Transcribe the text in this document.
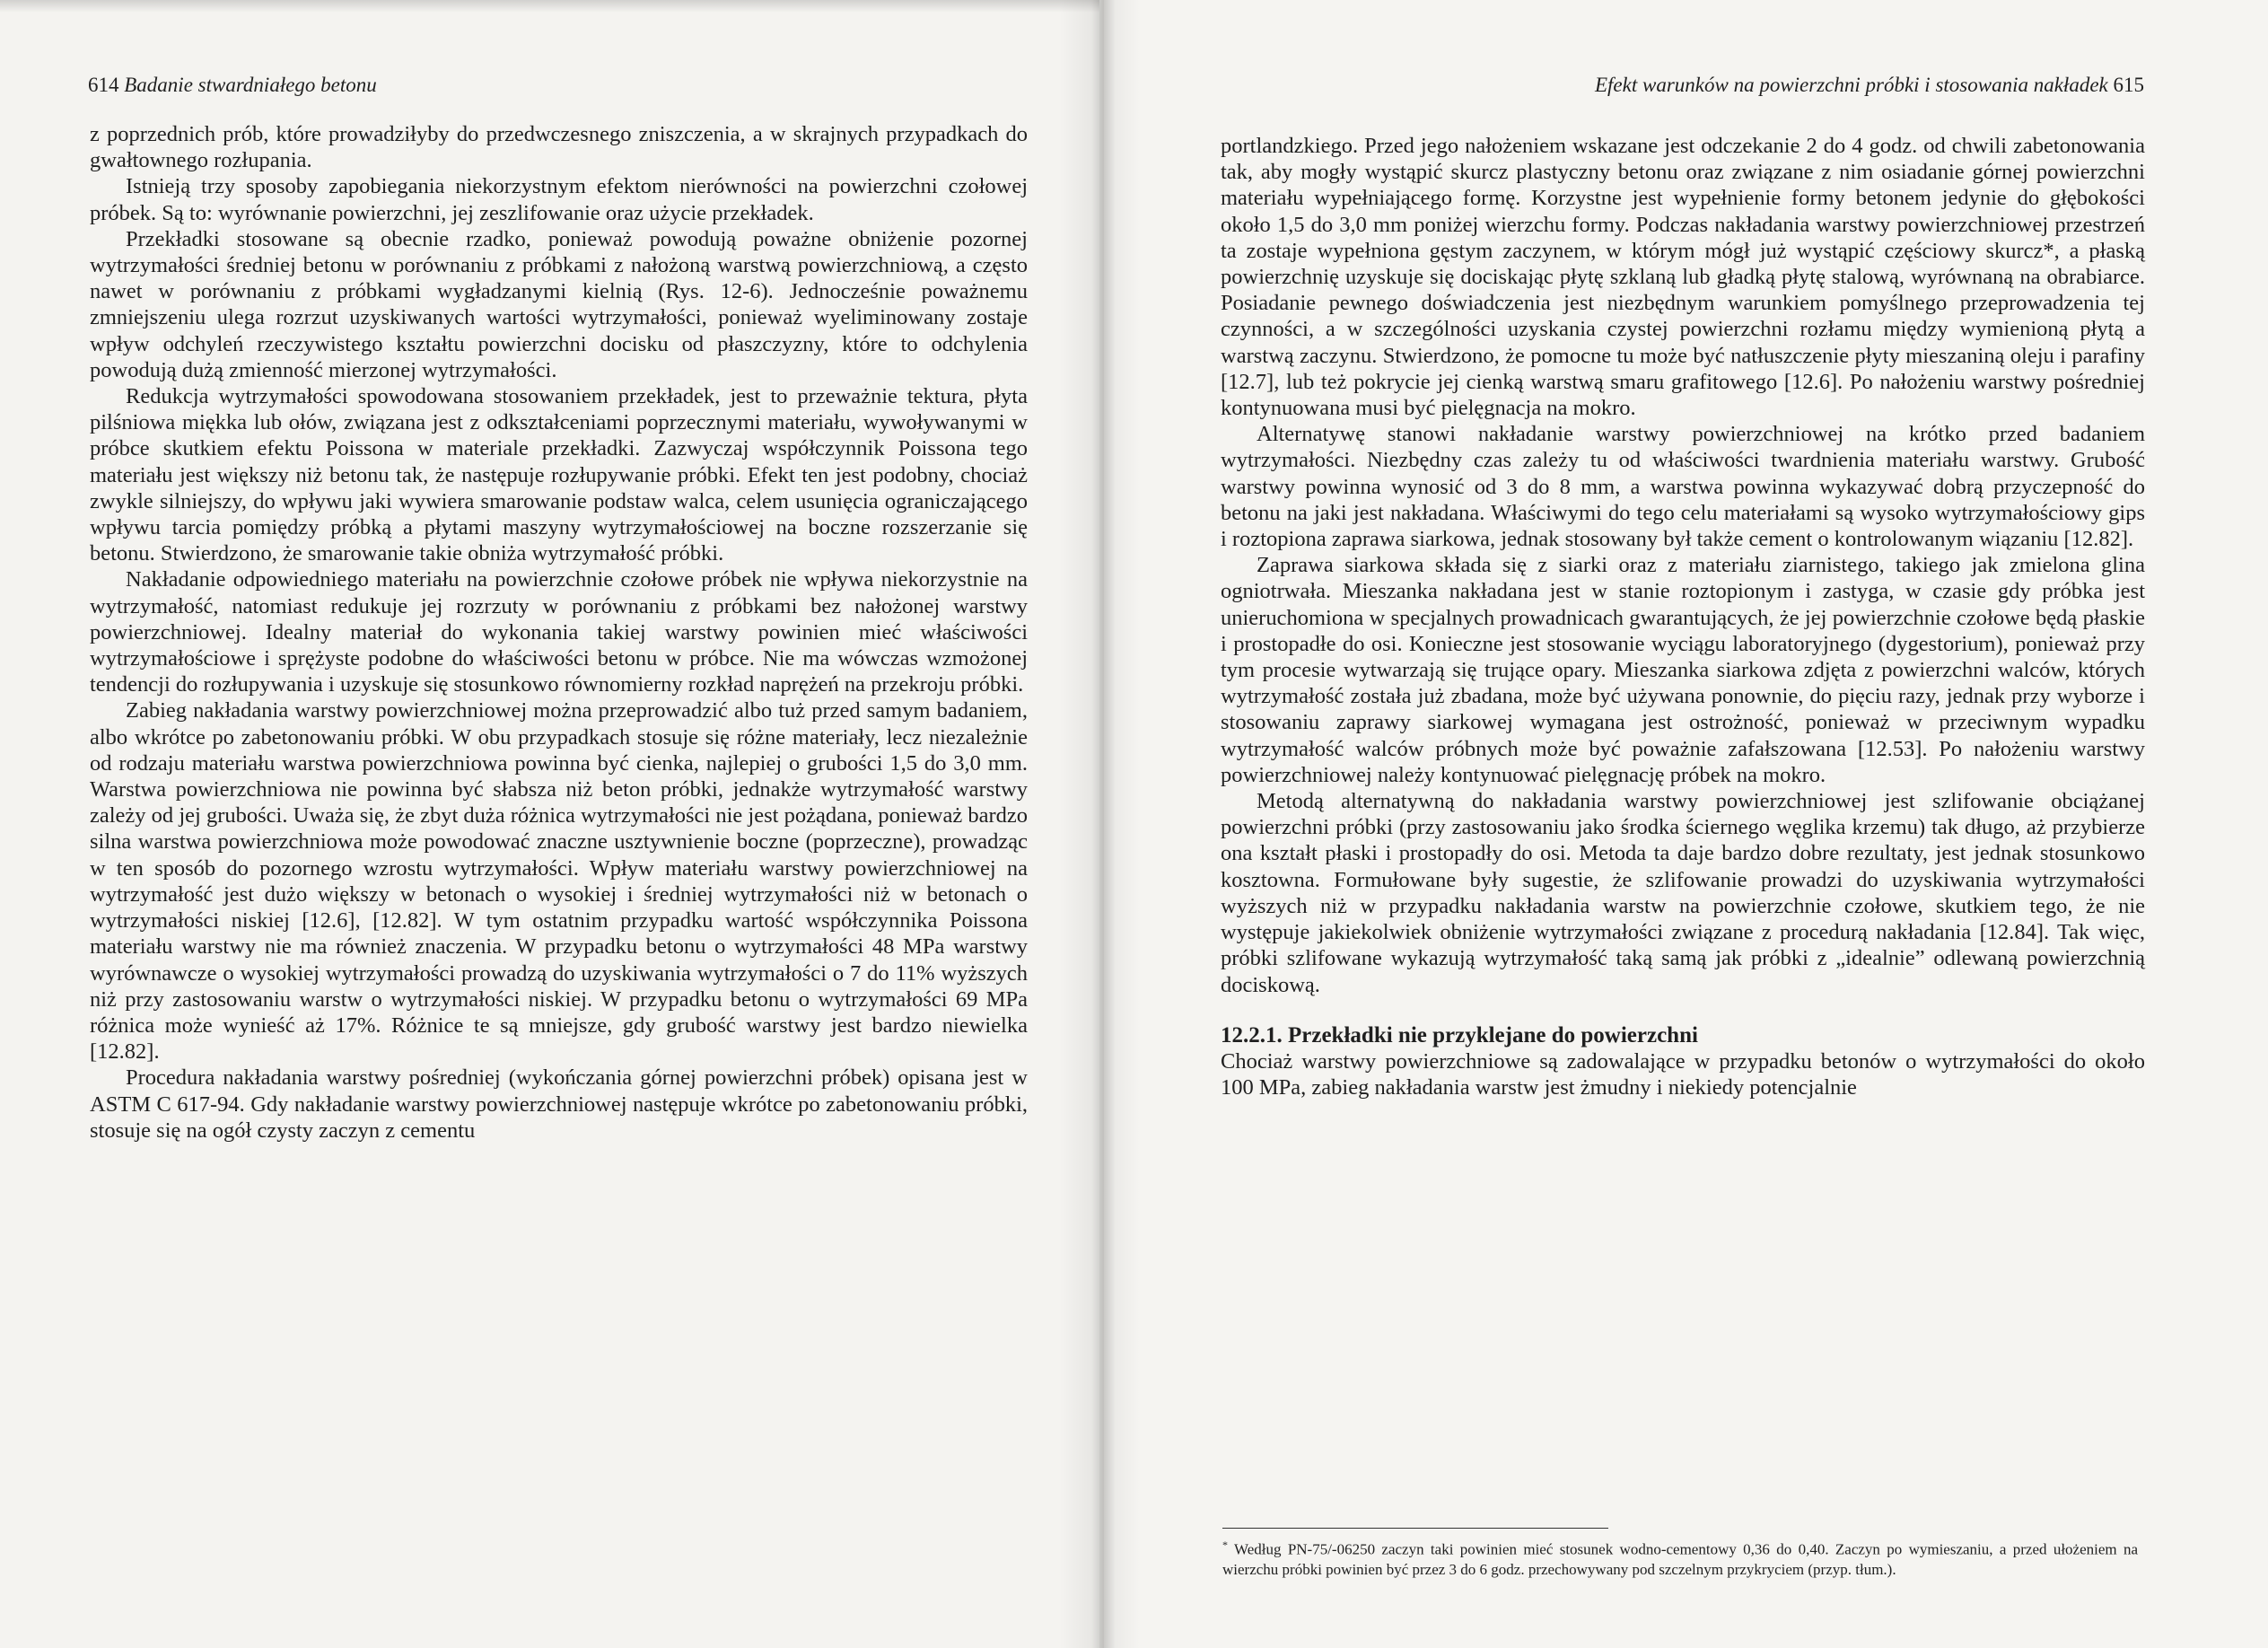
614 Badanie stwardniałego betonu

z poprzednich prób, które prowadziłyby do przedwczesnego zniszczenia, a w skrajnych przypadkach do gwałtownego rozłupania.

Istnieją trzy sposoby zapobiegania niekorzystnym efektom nierówności na powierzchni czołowej próbek. Są to: wyrównanie powierzchni, jej zeszlifowanie oraz użycie przekładek.

Przekładki stosowane są obecnie rzadko, ponieważ powodują poważne obniżenie pozornej wytrzymałości średniej betonu w porównaniu z próbkami z nałożoną warstwą powierzchniową, a często nawet w porównaniu z próbkami wygładzanymi kielnią (Rys. 12-6). Jednocześnie poważnemu zmniejszeniu ulega rozrzut uzyskiwanych wartości wytrzymałości, ponieważ wyeliminowany zostaje wpływ odchyleń rzeczywistego kształtu powierzchni docisku od płaszczyzny, które to odchylenia powodują dużą zmienność mierzonej wytrzymałości.

Redukcja wytrzymałości spowodowana stosowaniem przekładek, jest to przeważnie tektura, płyta pilśniowa miękka lub ołów, związana jest z odkształceniami poprzecznymi materiału, wywoływanymi w próbce skutkiem efektu Poissona w materiale przekładki. Zazwyczaj współczynnik Poissona tego materiału jest większy niż betonu tak, że następuje rozłupywanie próbki. Efekt ten jest podobny, chociaż zwykle silniejszy, do wpływu jaki wywiera smarowanie podstaw walca, celem usunięcia ograniczającego wpływu tarcia pomiędzy próbką a płytami maszyny wytrzymałościowej na boczne rozszerzanie się betonu. Stwierdzono, że smarowanie takie obniża wytrzymałość próbki.

Nakładanie odpowiedniego materiału na powierzchnie czołowe próbek nie wpływa niekorzystnie na wytrzymałość, natomiast redukuje jej rozrzuty w porównaniu z próbkami bez nałożonej warstwy powierzchniowej. Idealny materiał do wykonania takiej warstwy powinien mieć właściwości wytrzymałościowe i sprężyste podobne do właściwości betonu w próbce. Nie ma wówczas wzmożonej tendencji do rozłupywania i uzyskuje się stosunkowo równomierny rozkład naprężeń na przekroju próbki.

Zabieg nakładania warstwy powierzchniowej można przeprowadzić albo tuż przed samym badaniem, albo wkrótce po zabetonowaniu próbki. W obu przypadkach stosuje się różne materiały, lecz niezależnie od rodzaju materiału warstwa powierzchniowa powinna być cienka, najlepiej o grubości 1,5 do 3,0 mm. Warstwa powierzchniowa nie powinna być słabsza niż beton próbki, jednakże wytrzymałość warstwy zależy od jej grubości. Uważa się, że zbyt duża różnica wytrzymałości nie jest pożądana, ponieważ bardzo silna warstwa powierzchniowa może powodować znaczne usztywnienie boczne (poprzeczne), prowadząc w ten sposób do pozornego wzrostu wytrzymałości. Wpływ materiału warstwy powierzchniowej na wytrzymałość jest dużo większy w betonach o wysokiej i średniej wytrzymałości niż w betonach o wytrzymałości niskiej [12.6], [12.82]. W tym ostatnim przypadku wartość współczynnika Poissona materiału warstwy nie ma również znaczenia. W przypadku betonu o wytrzymałości 48 MPa warstwy wyrównawcze o wysokiej wytrzymałości prowadzą do uzyskiwania wytrzymałości o 7 do 11% wyższych niż przy zastosowaniu warstw o wytrzymałości niskiej. W przypadku betonu o wytrzymałości 69 MPa różnica może wynieść aż 17%. Różnice te są mniejsze, gdy grubość warstwy jest bardzo niewielka [12.82].

Procedura nakładania warstwy pośredniej (wykończania górnej powierzchni próbek) opisana jest w ASTM C 617-94. Gdy nakładanie warstwy powierzchniowej następuje wkrótce po zabetonowaniu próbki, stosuje się na ogół czysty zaczyn z cementu

Efekt warunków na powierzchni próbki i stosowania nakładek 615

portlandzkiego. Przed jego nałożeniem wskazane jest odczekanie 2 do 4 godz. od chwili zabetonowania tak, aby mogły wystąpić skurcz plastyczny betonu oraz związane z nim osiadanie górnej powierzchni materiału wypełniającego formę. Korzystne jest wypełnienie formy betonem jedynie do głębokości około 1,5 do 3,0 mm poniżej wierzchu formy. Podczas nakładania warstwy powierzchniowej przestrzeń ta zostaje wypełniona gęstym zaczynem, w którym mógł już wystąpić częściowy skurcz*, a płaską powierzchnię uzyskuje się dociskając płytę szklaną lub gładką płytę stalową, wyrównaną na obrabiarce. Posiadanie pewnego doświadczenia jest niezbędnym warunkiem pomyślnego przeprowadzenia tej czynności, a w szczególności uzyskania czystej powierzchni rozłamu między wymienioną płytą a warstwą zaczynu. Stwierdzono, że pomocne tu może być natłuszczenie płyty mieszaniną oleju i parafiny [12.7], lub też pokrycie jej cienką warstwą smaru grafitowego [12.6]. Po nałożeniu warstwy pośredniej kontynuowana musi być pielęgnacja na mokro.

Alternatywę stanowi nakładanie warstwy powierzchniowej na krótko przed badaniem wytrzymałości. Niezbędny czas zależy tu od właściwości twardnienia materiału warstwy. Grubość warstwy powinna wynosić od 3 do 8 mm, a warstwa powinna wykazywać dobrą przyczepność do betonu na jaki jest nakładana. Właściwymi do tego celu materiałami są wysoko wytrzymałościowy gips i roztopiona zaprawa siarkowa, jednak stosowany był także cement o kontrolowanym wiązaniu [12.82].

Zaprawa siarkowa składa się z siarki oraz z materiału ziarnistego, takiego jak zmielona glina ogniotrwała. Mieszanka nakładana jest w stanie roztopionym i zastyga, w czasie gdy próbka jest unieruchomiona w specjalnych prowadnicach gwarantujących, że jej powierzchnie czołowe będą płaskie i prostopadłe do osi. Konieczne jest stosowanie wyciągu laboratoryjnego (dygestorium), ponieważ przy tym procesie wytwarzają się trujące opary. Mieszanka siarkowa zdjęta z powierzchni walców, których wytrzymałość została już zbadana, może być używana ponownie, do pięciu razy, jednak przy wyborze i stosowaniu zaprawy siarkowej wymagana jest ostrożność, ponieważ w przeciwnym wypadku wytrzymałość walców próbnych może być poważnie zafałszowana [12.53]. Po nałożeniu warstwy powierzchniowej należy kontynuować pielęgnację próbek na mokro.

Metodą alternatywną do nakładania warstwy powierzchniowej jest szlifowanie obciążanej powierzchni próbki (przy zastosowaniu jako środka ściernego węglika krzemu) tak długo, aż przybierze ona kształt płaski i prostopadły do osi. Metoda ta daje bardzo dobre rezultaty, jest jednak stosunkowo kosztowna. Formułowane były sugestie, że szlifowanie prowadzi do uzyskiwania wytrzymałości wyższych niż w przypadku nakładania warstw na powierzchnie czołowe, skutkiem tego, że nie występuje jakiekolwiek obniżenie wytrzymałości związane z procedurą nakładania [12.84]. Tak więc, próbki szlifowane wykazują wytrzymałość taką samą jak próbki z „idealnie” odlewaną powierzchnią dociskową.

12.2.1. Przekładki nie przyklejane do powierzchni

Chociaż warstwy powierzchniowe są zadowalające w przypadku betonów o wytrzymałości do około 100 MPa, zabieg nakładania warstw jest żmudny i niekiedy potencjalnie

* Według PN-75/-06250 zaczyn taki powinien mieć stosunek wodno-cementowy 0,36 do 0,40. Zaczyn po wymieszaniu, a przed ułożeniem na wierzchu próbki powinien być przez 3 do 6 godz. przechowywany pod szczelnym przykryciem (przyp. tłum.).
